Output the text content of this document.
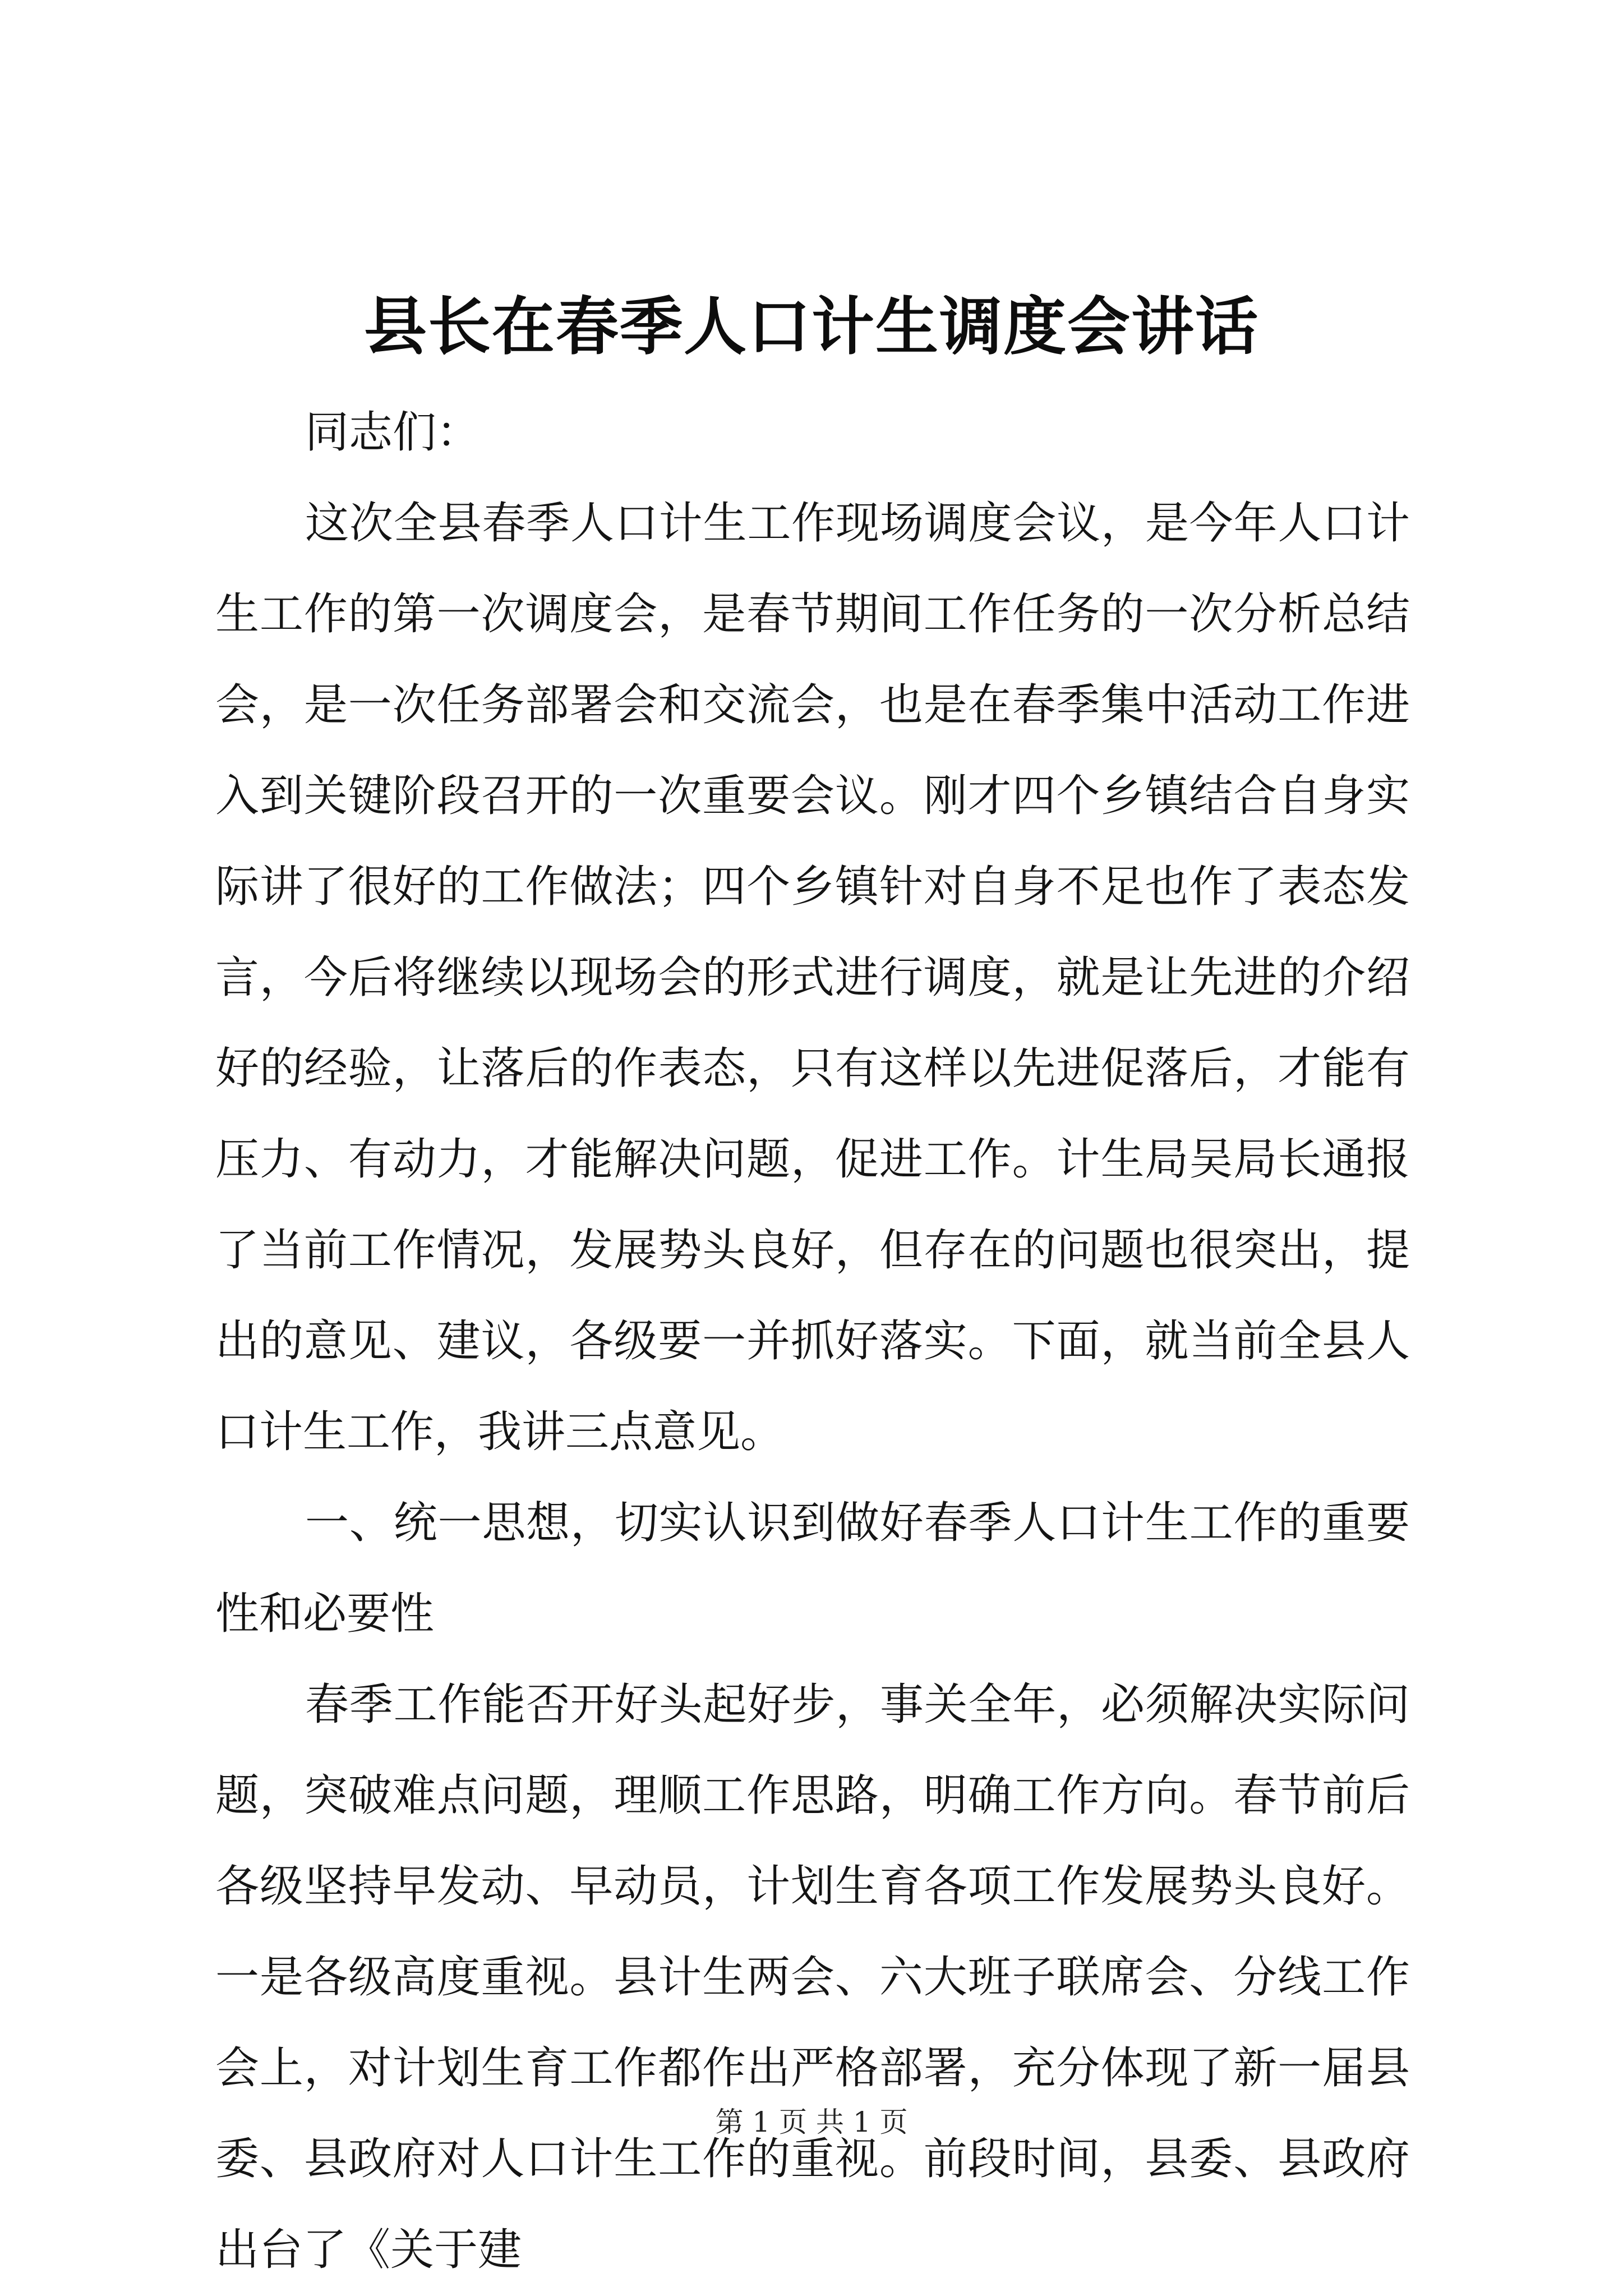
县长在春季人口计生调度会讲话

同志们：

这次全县春季人口计生工作现场调度会议，是今年人口计生工作的第一次调度会，是春节期间工作任务的一次分析总结会，是一次任务部署会和交流会，也是在春季集中活动工作进入到关键阶段召开的一次重要会议。刚才四个乡镇结合自身实际讲了很好的工作做法；四个乡镇针对自身不足也作了表态发言，今后将继续以现场会的形式进行调度，就是让先进的介绍好的经验，让落后的作表态，只有这样以先进促落后，才能有压力、有动力，才能解决问题，促进工作。计生局吴局长通报了当前工作情况，发展势头良好，但存在的问题也很突出，提出的意见、建议，各级要一并抓好落实。下面，就当前全县人口计生工作，我讲三点意见。

一、统一思想，切实认识到做好春季人口计生工作的重要性和必要性

春季工作能否开好头起好步，事关全年，必须解决实际问题，突破难点问题，理顺工作思路，明确工作方向。春节前后各级坚持早发动、早动员，计划生育各项工作发展势头良好。一是各级高度重视。县计生两会、六大班子联席会、分线工作会上，对计划生育工作都作出严格部署，充分体现了新一届县委、县政府对人口计生工作的重视。前段时间，县委、县政府出台了《关于建

第 1 页 共 1 页
